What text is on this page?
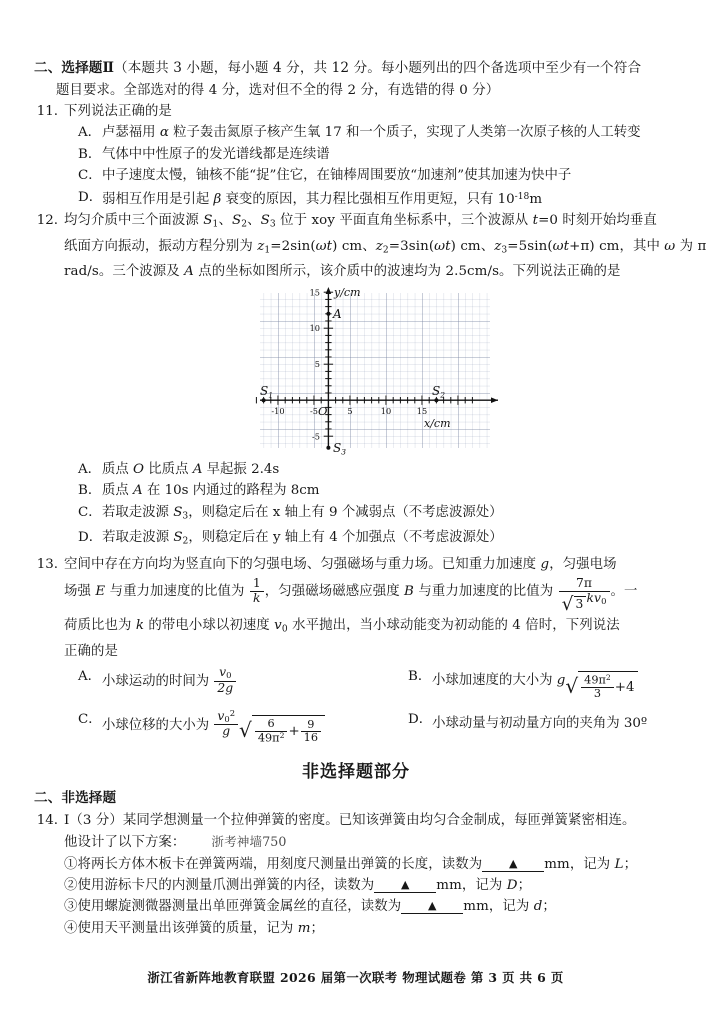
二、选择题Ⅱ（本题共 3 小题，每小题 4 分，共 12 分。每小题列出的四个备选项中至少有一个符合
题目要求。全部选对的得 4 分，选对但不全的得 2 分，有选错的得 0 分）
11. 下列说法正确的是
A． 卢瑟福用 α 粒子轰击氮原子核产生氧 17 和一个质子，实现了人类第一次原子核的人工转变
B． 气体中中性原子的发光谱线都是连续谱
C． 中子速度太慢，铀核不能“捉”住它，在铀棒周围要放“加速剂”使其加速为快中子
D． 弱相互作用是引起 β 衰变的原因，其力程比强相互作用更短，只有 $10^{-18}m$
12. 均匀介质中三个面波源 $S_1$、$S_2$、$S_3$ 位于 xoy 平面直角坐标系中，三个波源从 t=0 时刻开始均垂直
纸面方向振动，振动方程分别为 $z_1=2\sin(\omega t)$ cm、$z_2=3\sin(\omega t)$ cm、$z_3=5\sin(\omega t+\pi)$ cm，其中 ω 为 π
rad/s。三个波源及 A 点的坐标如图所示，该介质中的波速均为 2.5cm/s。下列说法正确的是
-10	-5	5	10	15
5
10
15
-5
y/cm
x/cm
O
$S_1$	$S_2$
$S_3$
A
A． 质点 O 比质点 A 早起振 2.4s
B． 质点 A 在 10s 内通过的路程为 8cm
C． 若取走波源 $S_3$，则稳定后在 x 轴上有 9 个减弱点（不考虑波源处）
D． 若取走波源 $S_2$，则稳定后在 y 轴上有 4 个加强点（不考虑波源处）
13. 空间中存在方向均为竖直向下的匀强电场、匀强磁场与重力场。已知重力加速度 g，匀强电场
场强 E 与重力加速度的比值为 $\frac{1}{k}$ ，匀强磁场磁感应强度 B 与重力加速度的比值为 $\frac{7\pi}{√ 3 kv_0}$ 。一
荷质比也为 k 的带电小球以初速度 $v_0$ 水平抛出，当小球动能变为初动能的 4 倍时，下列说法
正确的是
A． 小球运动的时间为 $\frac{v_0}{2g}$	B． 小球加速度的大小为 $g√ \frac{49\pi^2}{3} +4$
C． 小球位移的大小为 $\frac{v_0^2}{g}$ √ $\frac{6}{49\pi^2} + \frac{9}{16}$	D． 小球动量与初动量方向的夹角为 30º
非选择题部分
二、非选择题
14. Ⅰ（3 分）某同学想测量一个拉伸弹簧的密度。已知该弹簧由均匀合金制成，每匝弹簧紧密相连。
他设计了以下方案： 浙考神墙750
①将两长方体木板卡在弹簧两端，用刻度尺测量出弹簧的长度，读数为 ▲ mm，记为 L；
②使用游标卡尺的内测量爪测出弹簧的内径，读数为 ▲ mm，记为 D；
③使用螺旋测微器测量出单匝弹簧金属丝的直径，读数为 ▲ mm，记为 d；
④使用天平测量出该弹簧的质量，记为 m；
浙江省新阵地教育联盟 2026 届第一次联考 物理试题卷 第 3 页 共 6 页
